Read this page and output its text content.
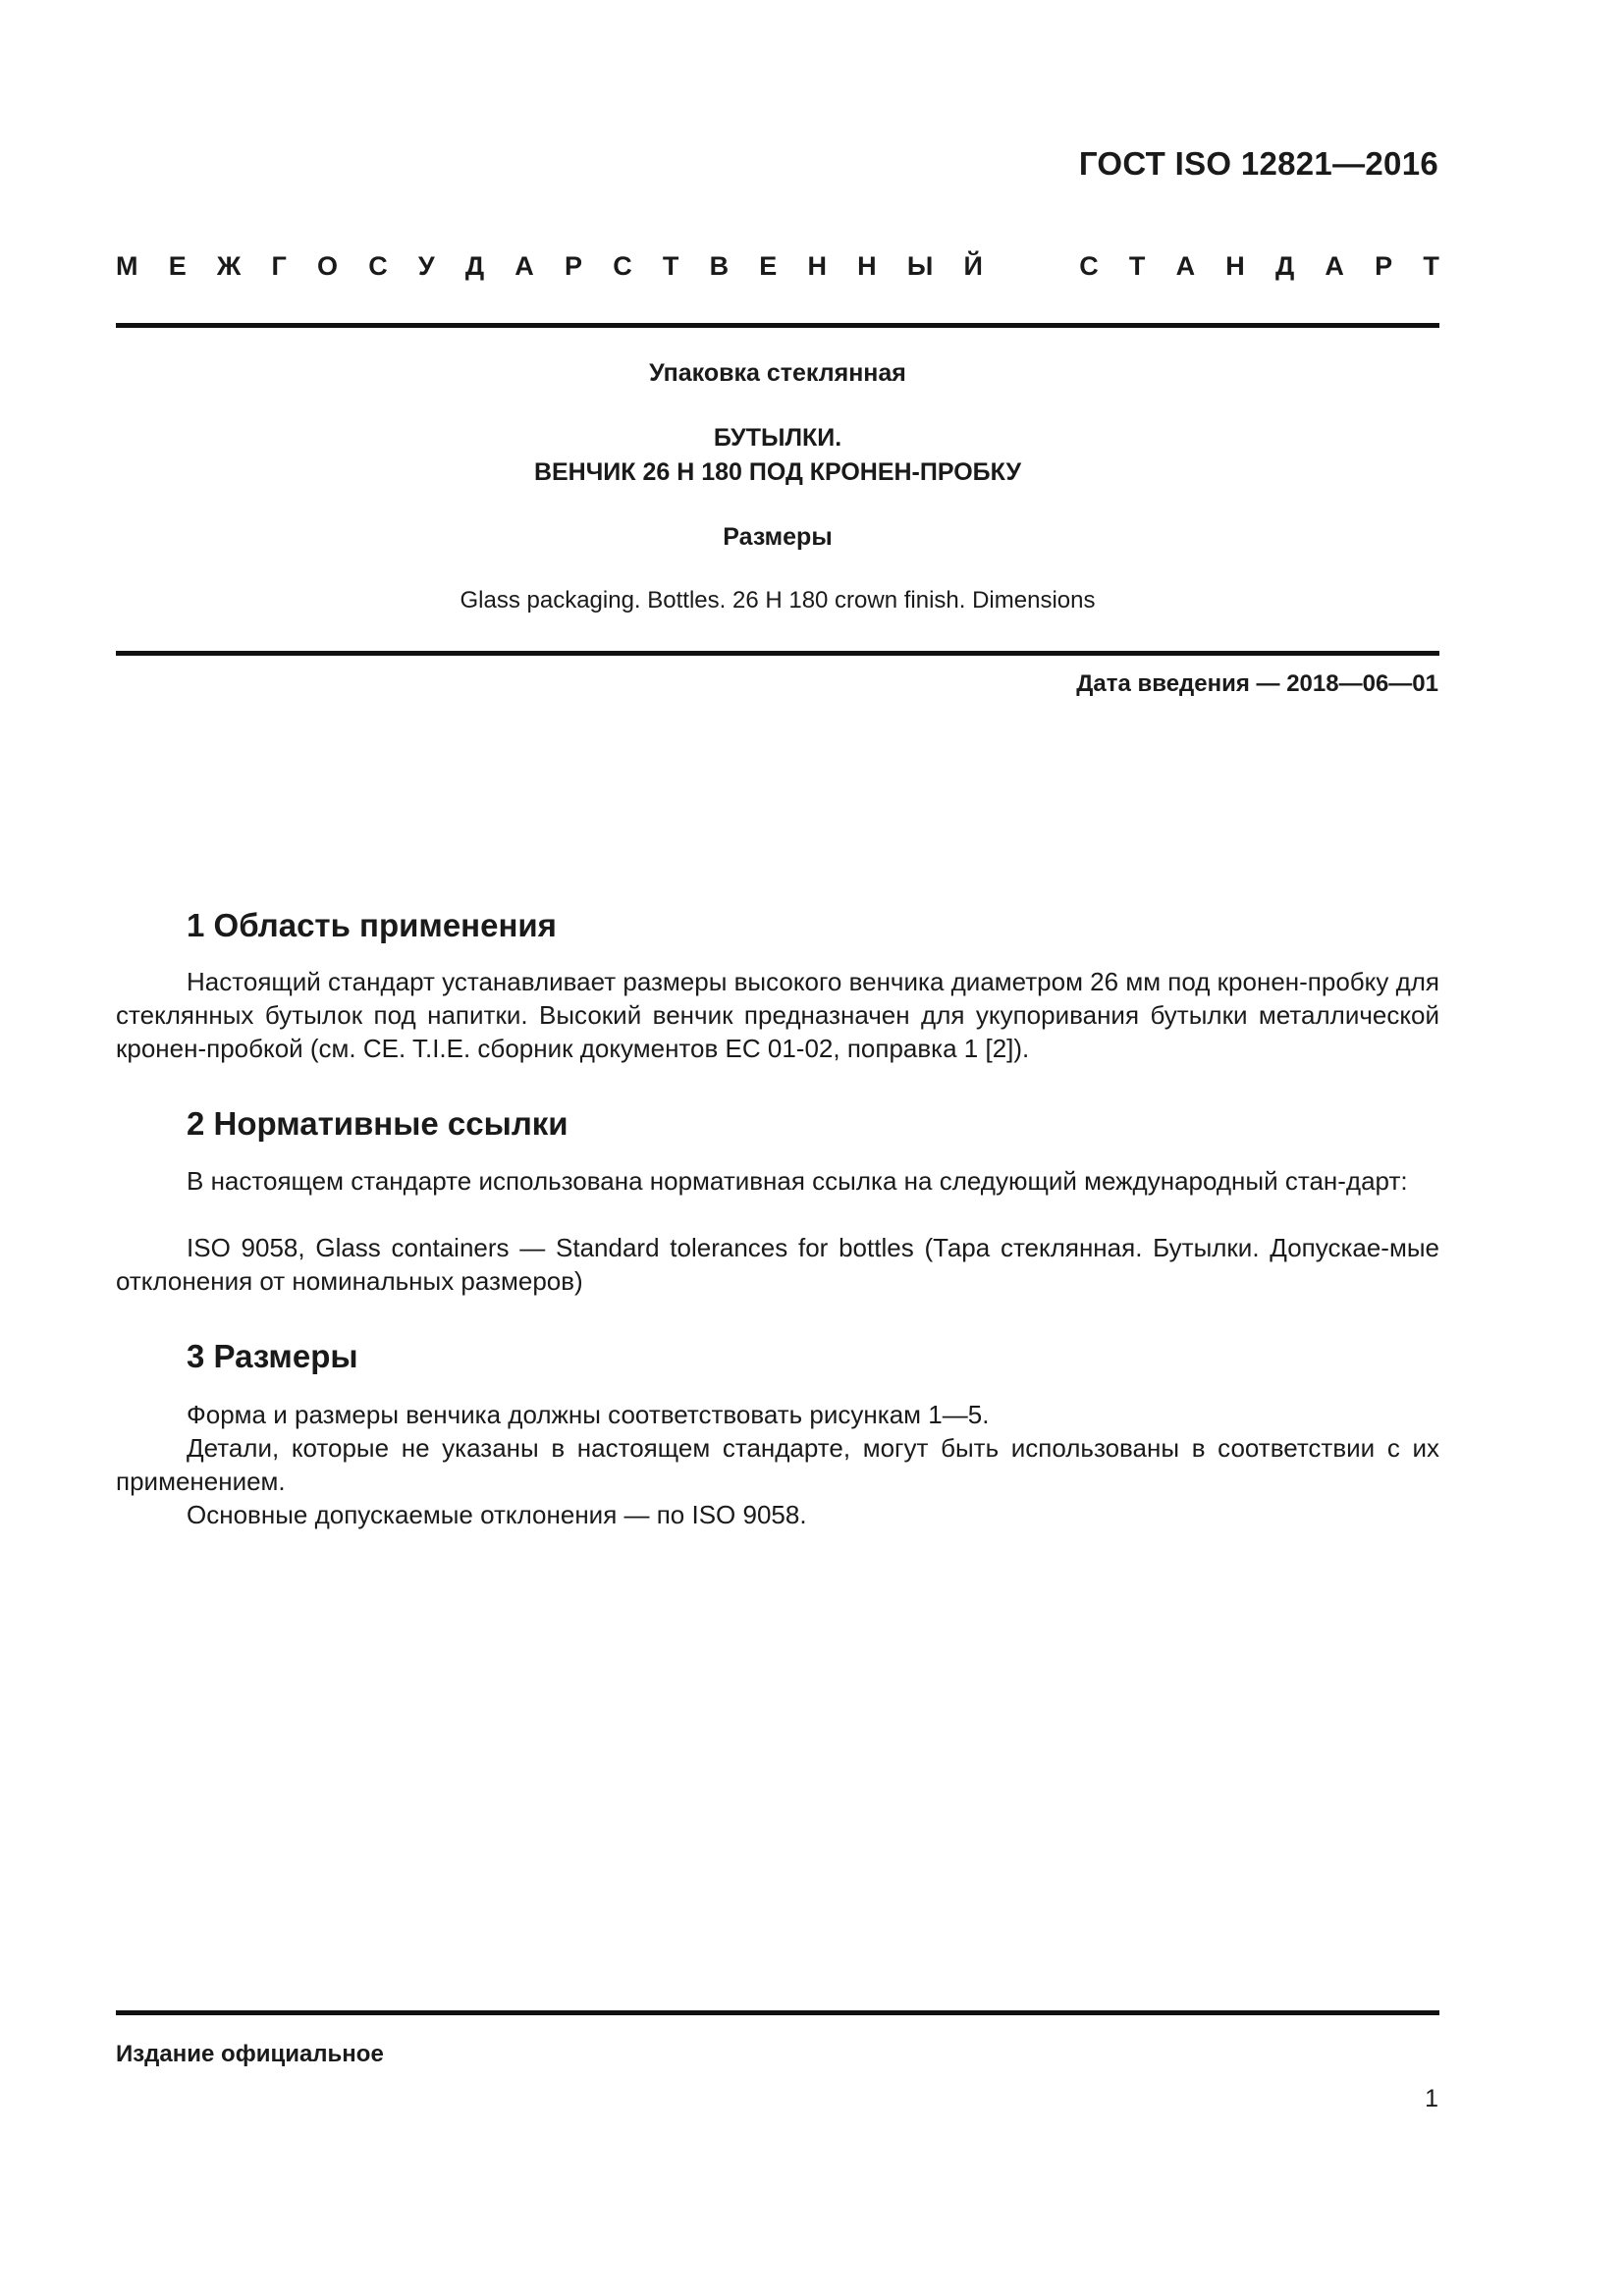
ГОСТ ISO 12821—2016
М Е Ж Г О С У Д А Р С Т В Е Н Н Ы Й	С Т А Н Д А Р Т
Упаковка стеклянная
БУТЫЛКИ.
ВЕНЧИК 26 Н 180 ПОД КРОНЕН-ПРОБКУ
Размеры
Glass packaging. Bottles. 26 H 180 crown finish. Dimensions
Дата введения — 2018—06—01
1 Область применения

Настоящий стандарт устанавливает размеры высокого венчика диаметром 26 мм под кронен-пробку для стеклянных бутылок под напитки. Высокий венчик предназначен для укупоривания бутылки металлической кронен-пробкой (см. CE. T.I.E. сборник документов ЕС 01-02, поправка 1 [2]).

2 Нормативные ссылки

В настоящем стандарте использована нормативная ссылка на следующий международный стан-дарт:

ISO 9058, Glass containers — Standard tolerances for bottles (Тара стеклянная. Бутылки. Допускае-мые отклонения от номинальных размеров)

3 Размеры

Форма и размеры венчика должны соответствовать рисункам 1—5.

Детали, которые не указаны в настоящем стандарте, могут быть использованы в соответствии с их применением.

Основные допускаемые отклонения — по ISO 9058.

Издание официальное
1
